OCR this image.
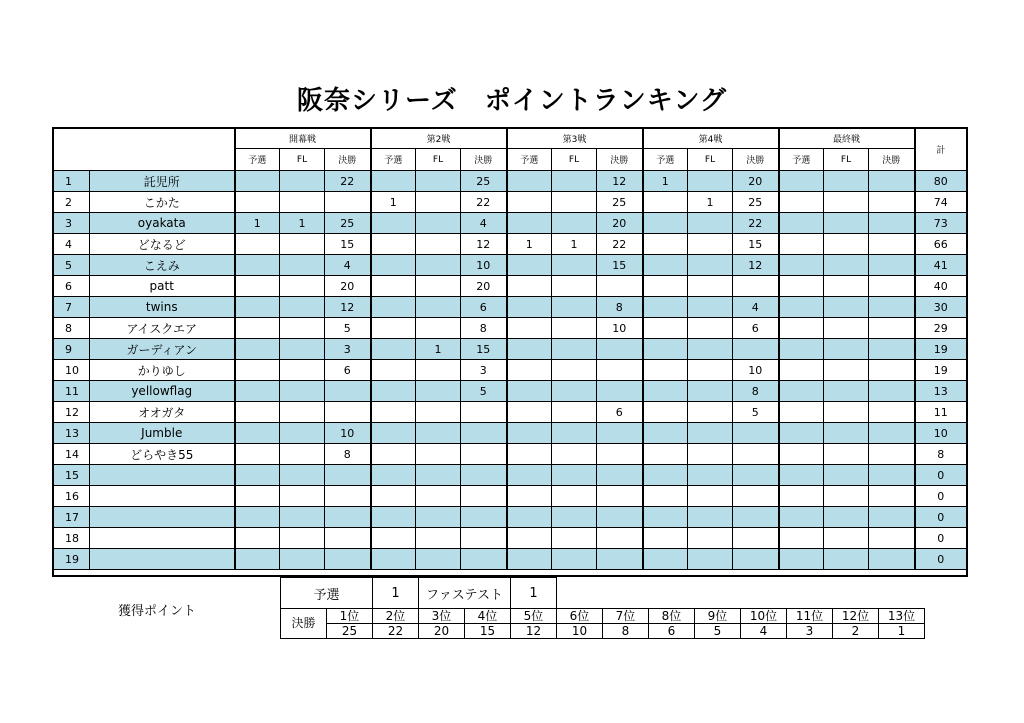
阪奈シリーズ　ポイントランキング
		開幕戦			第2戦			第3戦			第4戦			最終戦			計
		予選	FL	決勝	予選	FL	決勝	予選	FL	決勝	予選	FL	決勝	予選	FL	決勝	
1	託児所			22			25			12	1		20				80
2	こかた				1		22			25		1	25				74
3	oyakata	1	1	25			4			20			22				73
4	どなるど			15			12	1	1	22			15				66
5	こえみ			4			10			15			12				41
6	patt			20			20										40
7	twins			12			6			8			4				30
8	アイスクエア			5			8			10			6				29
9	ガーディアン			3		1	15										19
10	かりゆし			6			3						10				19
11	yellowflag						5						8				13
12	オオガタ									6			5				11
13	Jumble			10													10
14	どらやき55			8													8
15																	0
16																	0
17																	0
18																	0
19																	0
獲得ポイント
予選		1	ファステスト		1								
決勝	1位	2位	3位	4位	5位	6位	7位	8位	9位	10位	11位	12位	13位
	25	22	20	15	12	10	8	6	5	4	3	2	1
